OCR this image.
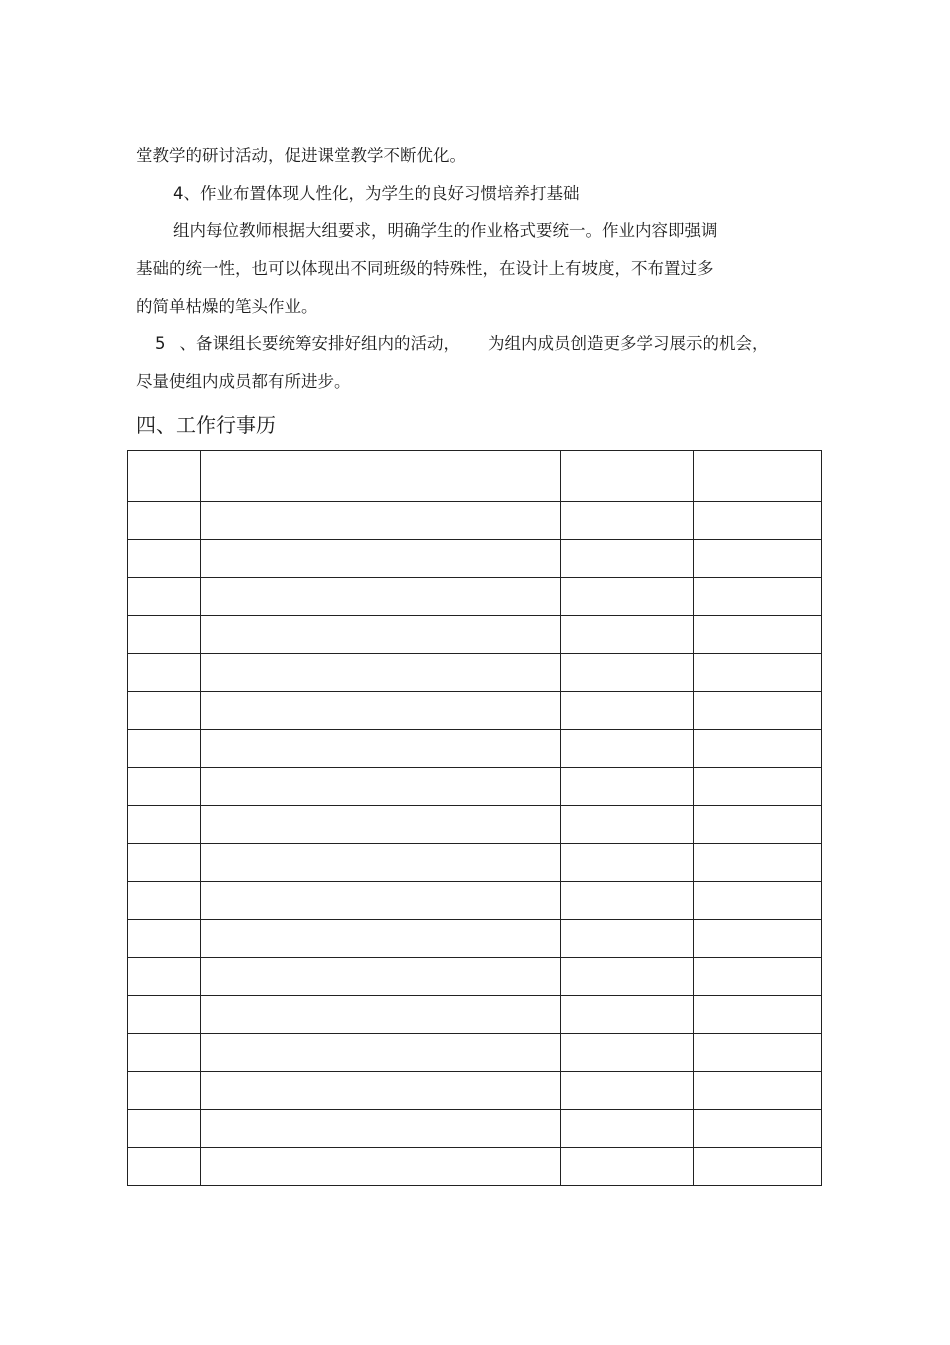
堂教学的研讨活动，促进课堂教学不断优化。
4、作业布置体现人性化，为学生的良好习惯培养打基础
组内每位教师根据大组要求，明确学生的作业格式要统一。作业内容即强调
基础的统一性，也可以体现出不同班级的特殊性，在设计上有坡度，不布置过多
的简单枯燥的笔头作业。
5 、备课组长要统筹安排好组内的活动， 为组内成员创造更多学习展示的机会，
尽量使组内成员都有所进步。
四、工作行事历
